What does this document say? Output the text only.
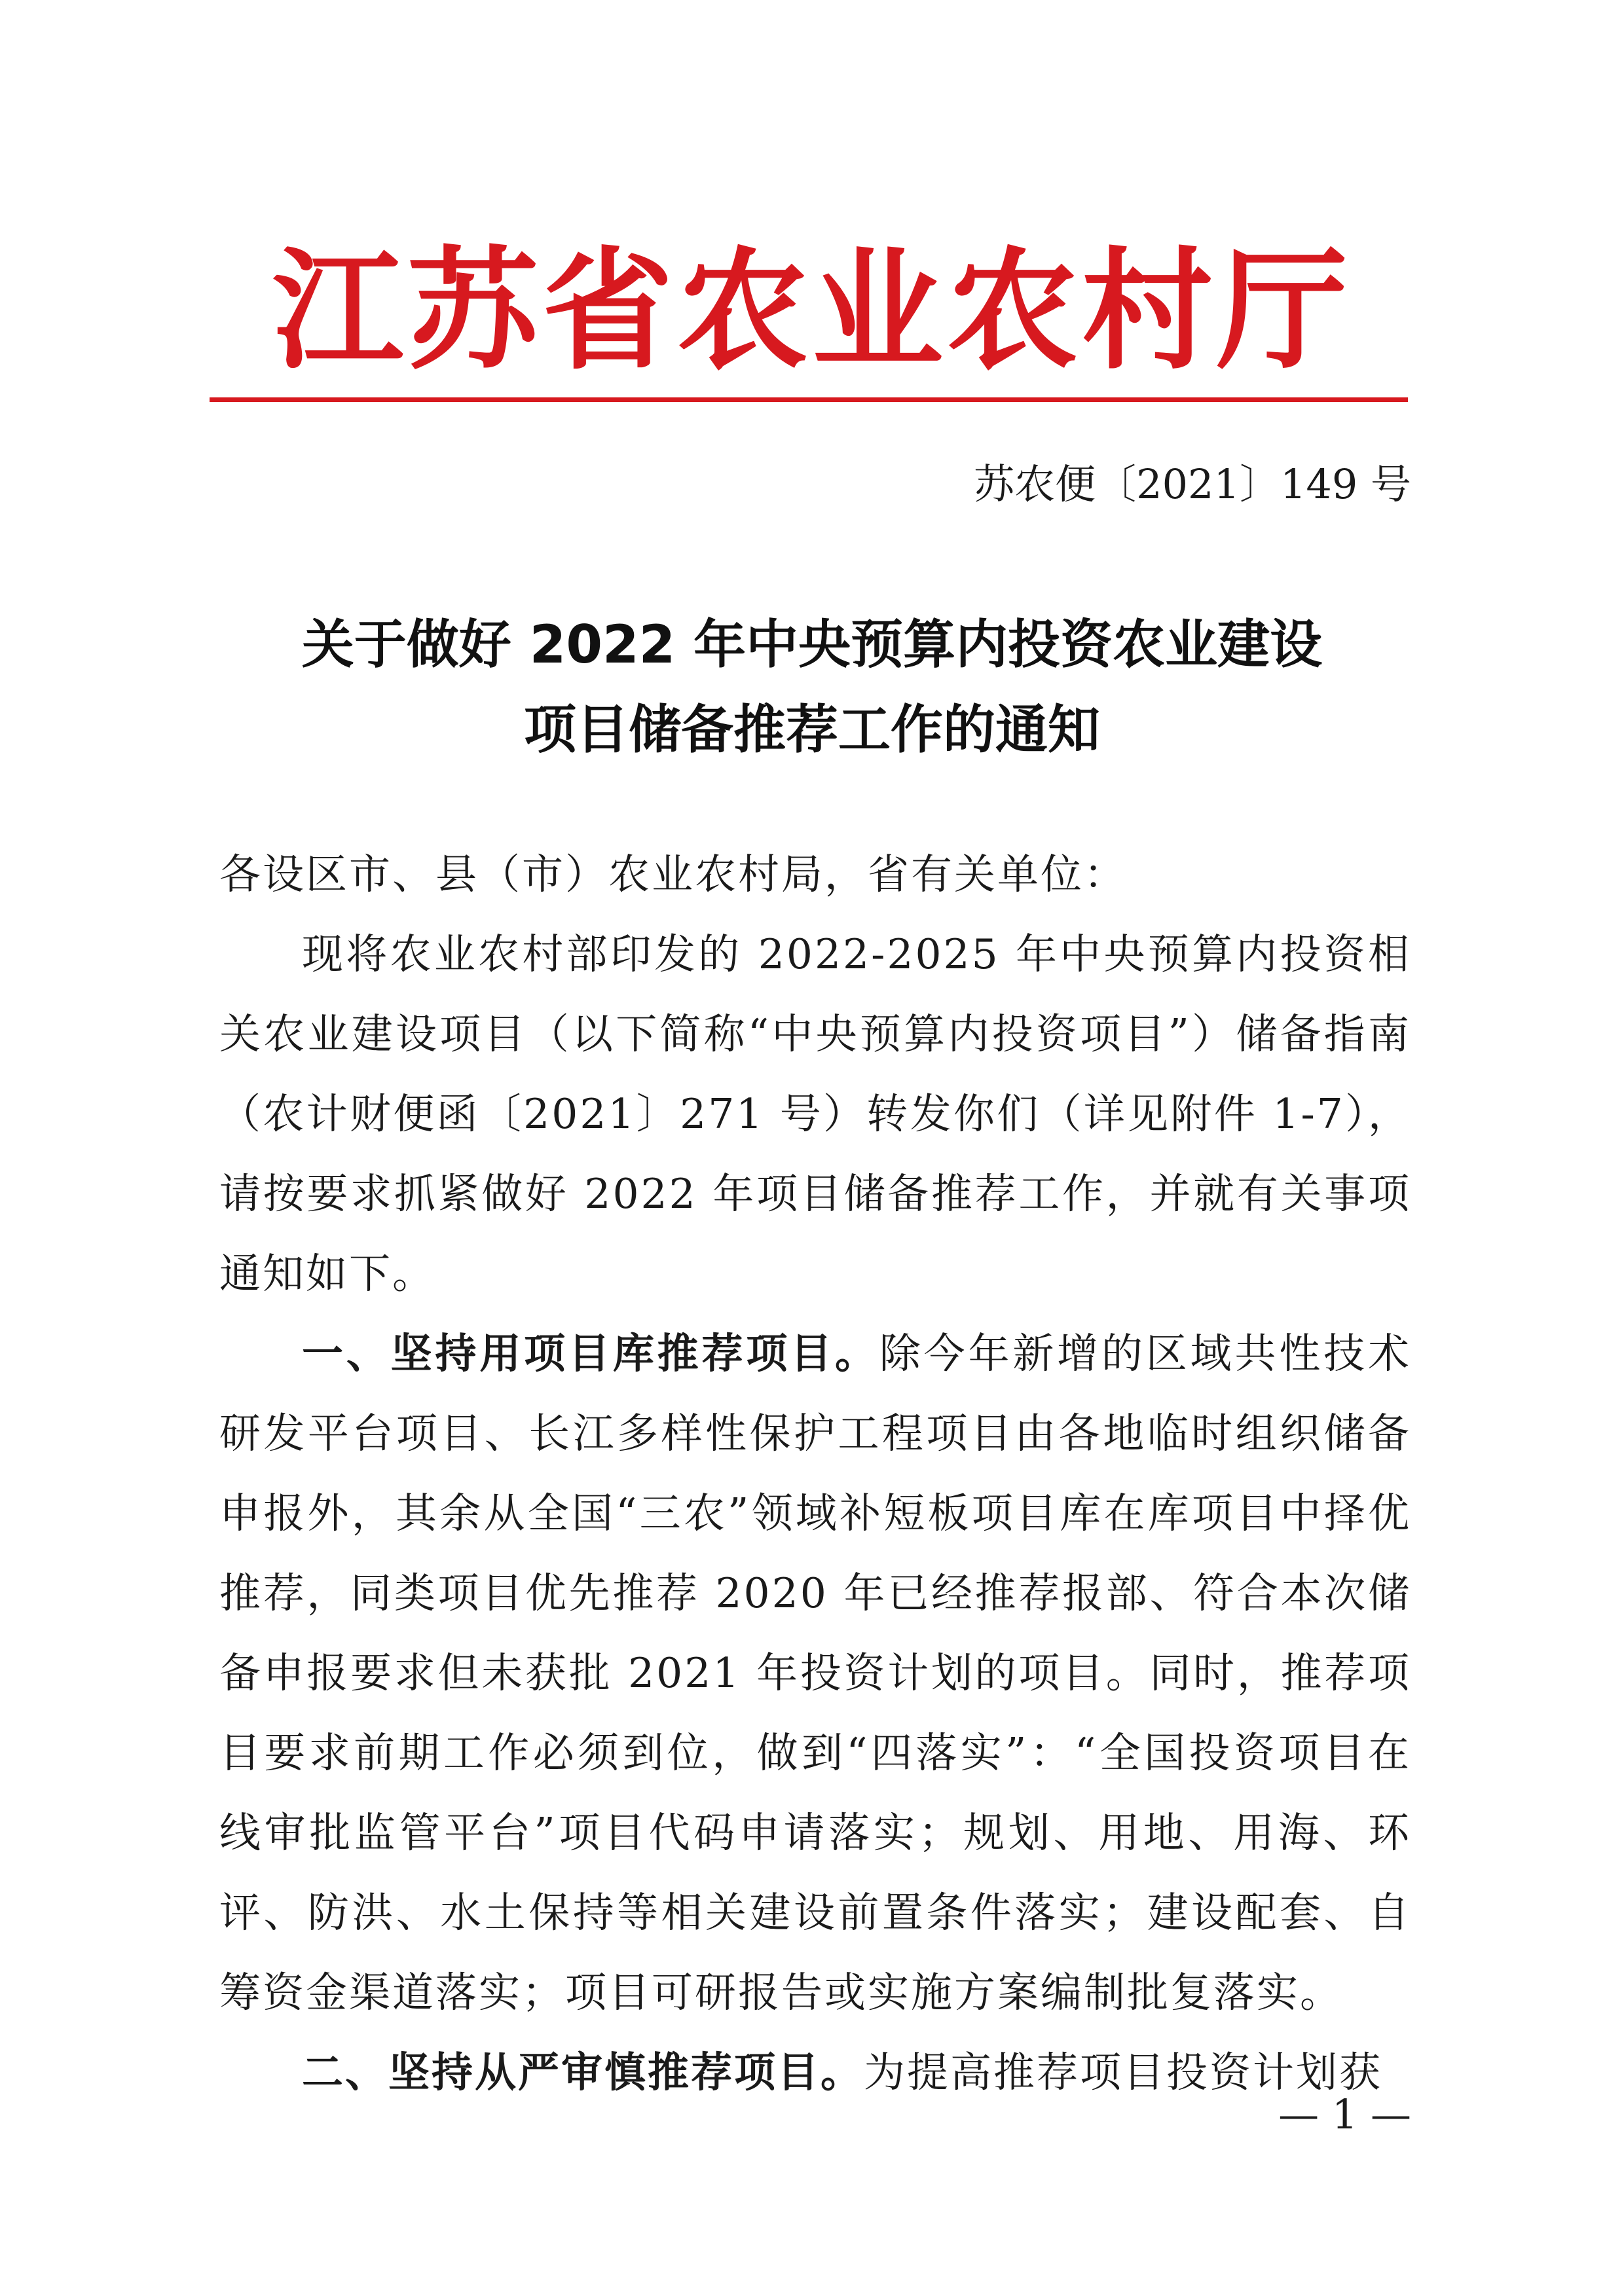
江苏省农业农村厅
苏农便〔2021〕149 号
关于做好 2022 年中央预算内投资农业建设
项目储备推荐工作的通知

各设区市、县（市）农业农村局，省有关单位：

现将农业农村部印发的 2022-2025 年中央预算内投资相关农业建设项目（以下简称“中央预算内投资项目”）储备指南（农计财便函〔2021〕271 号）转发你们（详见附件 1-7），请按要求抓紧做好 2022 年项目储备推荐工作，并就有关事项通知如下。

一、坚持用项目库推荐项目。除今年新增的区域共性技术研发平台项目、长江多样性保护工程项目由各地临时组织储备申报外，其余从全国“三农”领域补短板项目库在库项目中择优推荐，同类项目优先推荐 2020 年已经推荐报部、符合本次储备申报要求但未获批 2021 年投资计划的项目。同时，推荐项目要求前期工作必须到位，做到“四落实”：“全国投资项目在线审批监管平台”项目代码申请落实；规划、用地、用海、环评、防洪、水土保持等相关建设前置条件落实；建设配套、自筹资金渠道落实；项目可研报告或实施方案编制批复落实。

二、坚持从严审慎推荐项目。为提高推荐项目投资计划获

— 1 —
